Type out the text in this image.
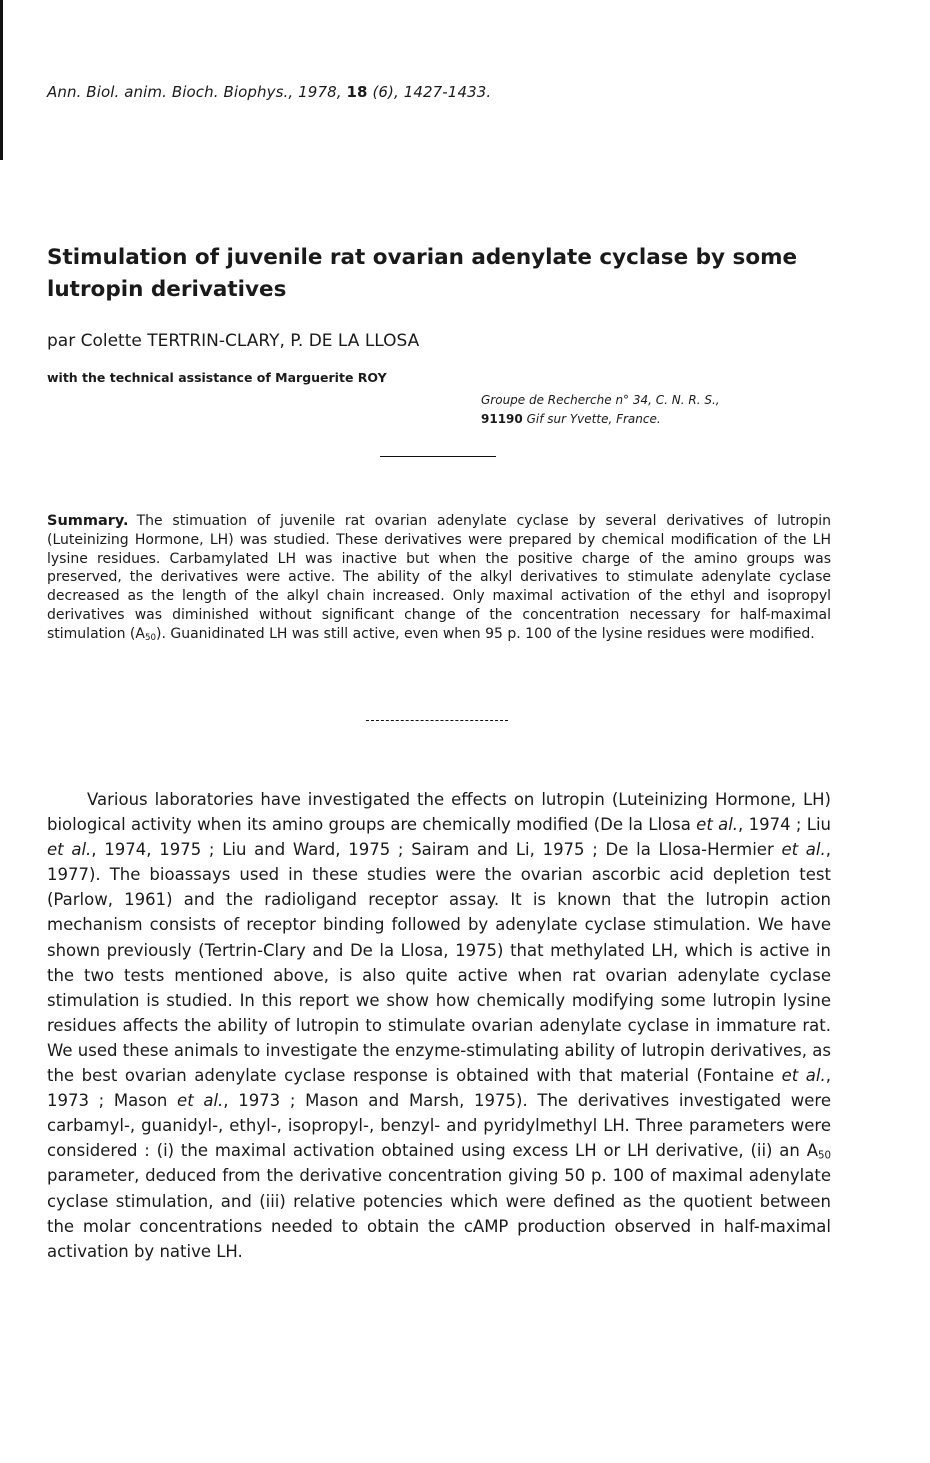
Ann. Biol. anim. Bioch. Biophys., 1978, 18 (6), 1427-1433.
Stimulation of juvenile rat ovarian adenylate cyclase by some lutropin derivatives
par Colette TERTRIN-CLARY, P. DE LA LLOSA
with the technical assistance of Marguerite ROY
Groupe de Recherche n° 34, C. N. R. S.,
91190 Gif sur Yvette, France.

Summary. The stimuation of juvenile rat ovarian adenylate cyclase by several derivatives of lutropin (Luteinizing Hormone, LH) was studied. These derivatives were prepared by chemical modification of the LH lysine residues. Carbamylated LH was inactive but when the positive charge of the amino groups was preserved, the derivatives were active. The ability of the alkyl derivatives to stimulate adenylate cyclase decreased as the length of the alkyl chain increased. Only maximal activation of the ethyl and isopropyl derivatives was diminished without significant change of the concentration necessary for half-maximal stimulation $(A_{50})$. Guanidinated LH was still active, even when 95 p. 100 of the lysine residues were modified.

Various laboratories have investigated the effects on lutropin (Luteinizing Hormone, LH) biological activity when its amino groups are chemically modified (De la Llosa et al., 1974 ; Liu et al., 1974, 1975 ; Liu and Ward, 1975 ; Sairam and Li, 1975 ; De la Llosa-Hermier et al., 1977). The bioassays used in these studies were the ovarian ascorbic acid depletion test (Parlow, 1961) and the radioligand receptor assay. It is known that the lutropin action mechanism consists of receptor binding followed by adenylate cyclase stimulation. We have shown previously (Tertrin-Clary and De la Llosa, 1975) that methylated LH, which is active in the two tests mentioned above, is also quite active when rat ovarian adenylate cyclase stimulation is studied. In this report we show how chemically modifying some lutropin lysine residues affects the ability of lutropin to stimulate ovarian adenylate cyclase in immature rat. We used these animals to investigate the enzyme-stimulating ability of lutropin derivatives, as the best ovarian adenylate cyclase response is obtained with that material (Fontaine et al., 1973 ; Mason et al., 1973 ; Mason and Marsh, 1975). The derivatives investigated were carbamyl-, guanidyl-, ethyl-, isopropyl-, benzyl- and pyridylmethyl LH. Three parameters were considered : (i) the maximal activation obtained using excess LH or LH derivative, (ii) an $A_{50}$ parameter, deduced from the derivative concentration giving 50 p. 100 of maximal adenylate cyclase stimulation, and (iii) relative potencies which were defined as the quotient between the molar concentrations needed to obtain the cAMP production observed in half-maximal activation by native LH.
